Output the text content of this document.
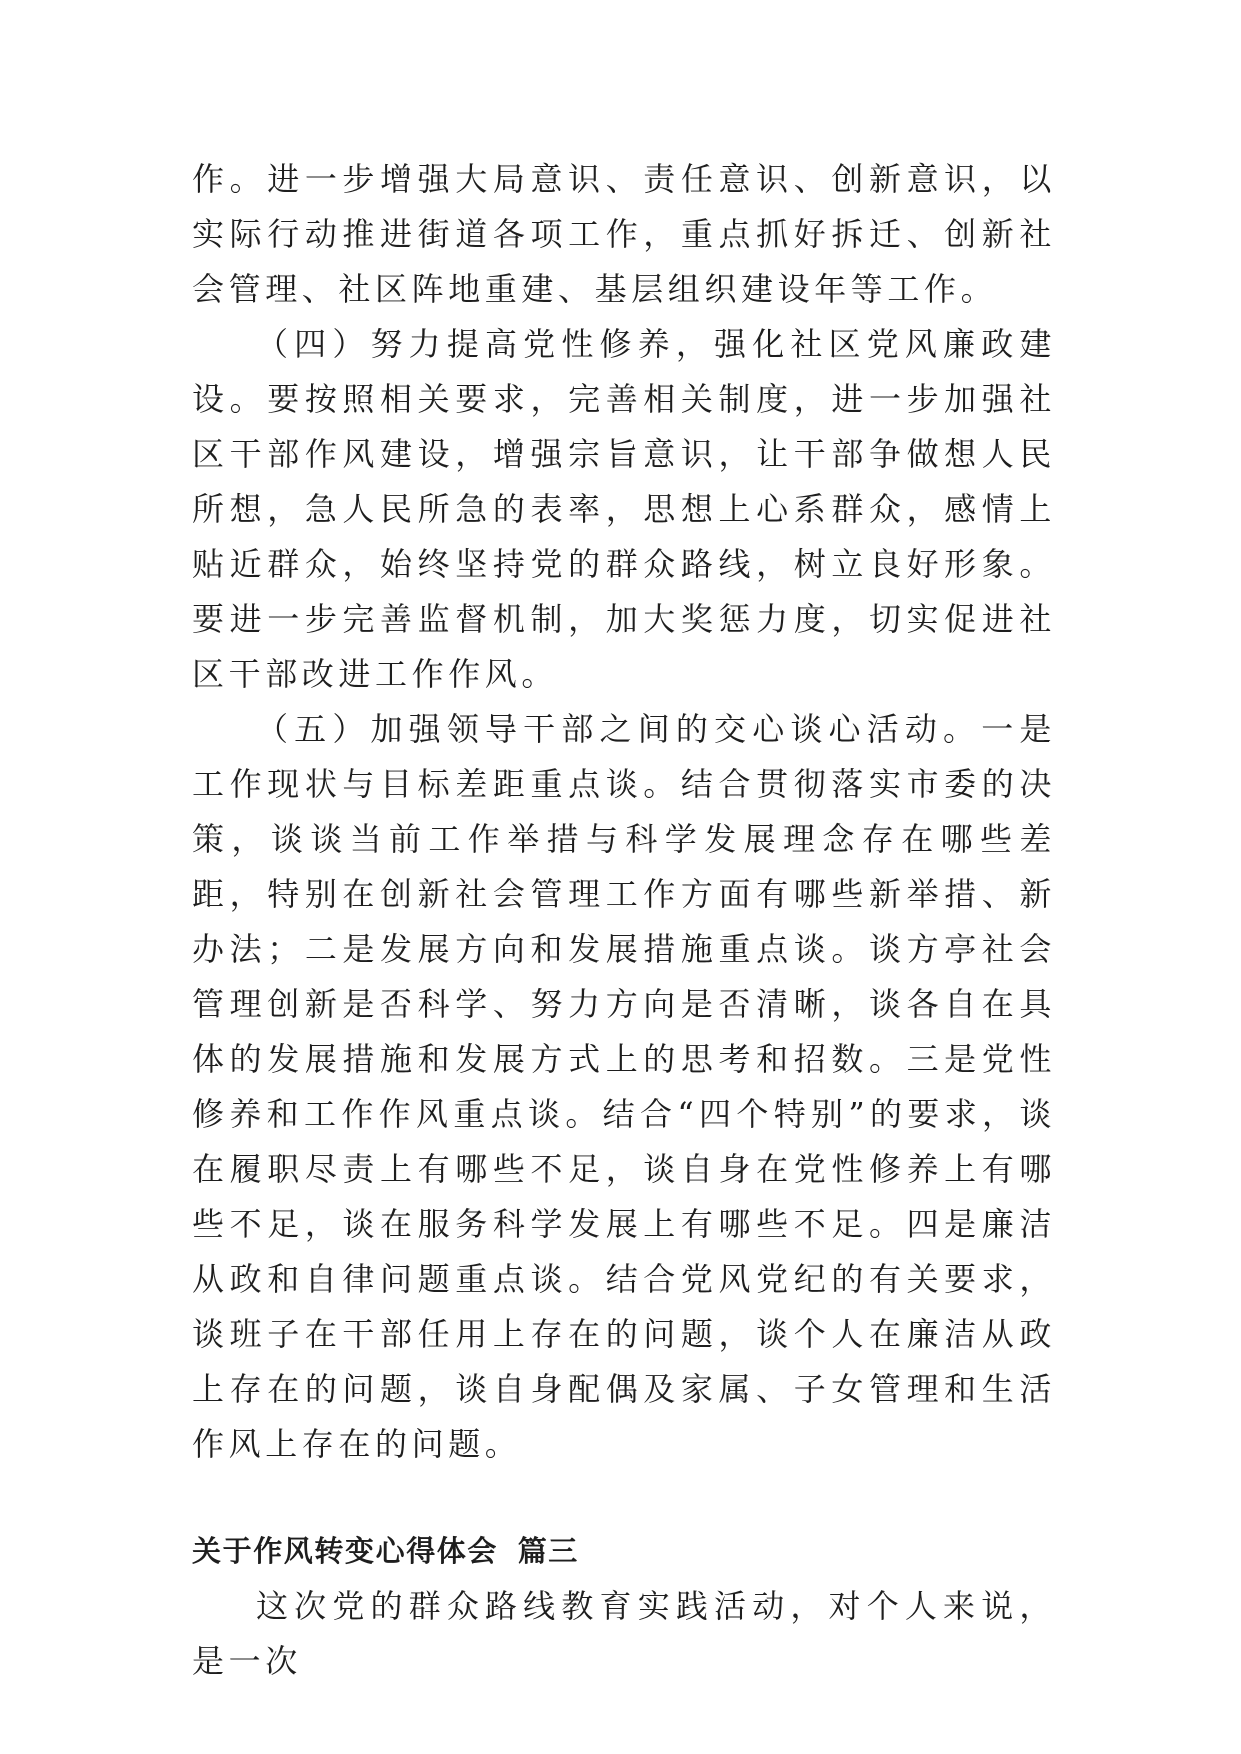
作。进一步增强大局意识、责任意识、创新意识，以实际行动推进街道各项工作，重点抓好拆迁、创新社会管理、社区阵地重建、基层组织建设年等工作。

（四）努力提高党性修养，强化社区党风廉政建设。要按照相关要求，完善相关制度，进一步加强社区干部作风建设，增强宗旨意识，让干部争做想人民所想，急人民所急的表率，思想上心系群众，感情上贴近群众，始终坚持党的群众路线，树立良好形象。要进一步完善监督机制，加大奖惩力度，切实促进社区干部改进工作作风。

（五）加强领导干部之间的交心谈心活动。一是工作现状与目标差距重点谈。结合贯彻落实市委的决策，谈谈当前工作举措与科学发展理念存在哪些差距，特别在创新社会管理工作方面有哪些新举措、新办法；二是发展方向和发展措施重点谈。谈方亭社会管理创新是否科学、努力方向是否清晰，谈各自在具体的发展措施和发展方式上的思考和招数。三是党性修养和工作作风重点谈。结合“四个特别”的要求，谈在履职尽责上有哪些不足，谈自身在党性修养上有哪些不足，谈在服务科学发展上有哪些不足。四是廉洁从政和自律问题重点谈。结合党风党纪的有关要求，谈班子在干部任用上存在的问题，谈个人在廉洁从政上存在的问题，谈自身配偶及家属、子女管理和生活作风上存在的问题。

关于作风转变心得体会 篇三

这次党的群众路线教育实践活动，对个人来说，是一次
